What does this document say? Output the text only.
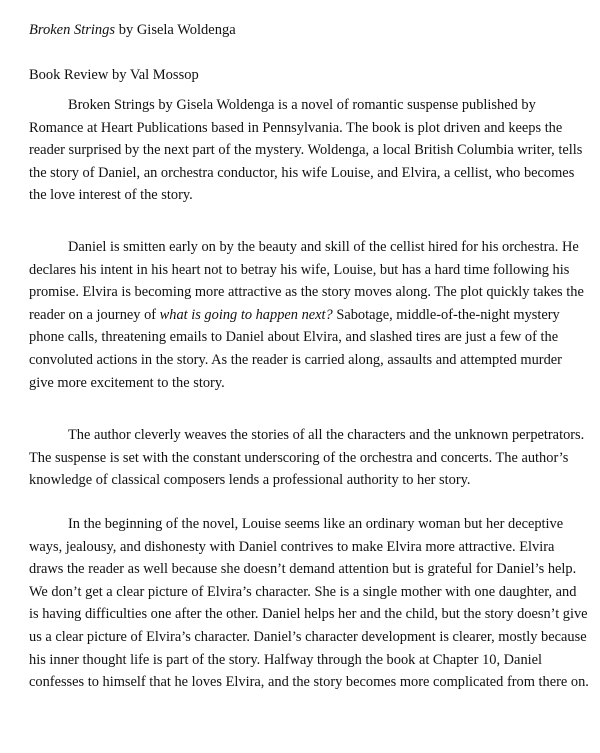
Broken Strings by Gisela Woldenga
Book Review by Val Mossop

Broken Strings by Gisela Woldenga is a novel of romantic suspense published by
Romance at Heart Publications based in Pennsylvania. The book is plot driven and keeps the
reader surprised by the next part of the mystery. Woldenga, a local British Columbia writer, tells
the story of Daniel, an orchestra conductor, his wife Louise, and Elvira, a cellist, who becomes
the love interest of the story.

Daniel is smitten early on by the beauty and skill of the cellist hired for his orchestra. He
declares his intent in his heart not to betray his wife, Louise, but has a hard time following his
promise. Elvira is becoming more attractive as the story moves along. The plot quickly takes the
reader on a journey of what is going to happen next? Sabotage, middle-of-the-night mystery
phone calls, threatening emails to Daniel about Elvira, and slashed tires are just a few of the
convoluted actions in the story. As the reader is carried along, assaults and attempted murder
give more excitement to the story.

The author cleverly weaves the stories of all the characters and the unknown perpetrators.
The suspense is set with the constant underscoring of the orchestra and concerts. The author’s
knowledge of classical composers lends a professional authority to her story.

In the beginning of the novel, Louise seems like an ordinary woman but her deceptive
ways, jealousy, and dishonesty with Daniel contrives to make Elvira more attractive. Elvira
draws the reader as well because she doesn’t demand attention but is grateful for Daniel’s help.
We don’t get a clear picture of Elvira’s character. She is a single mother with one daughter, and
is having difficulties one after the other. Daniel helps her and the child, but the story doesn’t give
us a clear picture of Elvira’s character. Daniel’s character development is clearer, mostly because
his inner thought life is part of the story. Halfway through the book at Chapter 10, Daniel
confesses to himself that he loves Elvira, and the story becomes more complicated from there on.
